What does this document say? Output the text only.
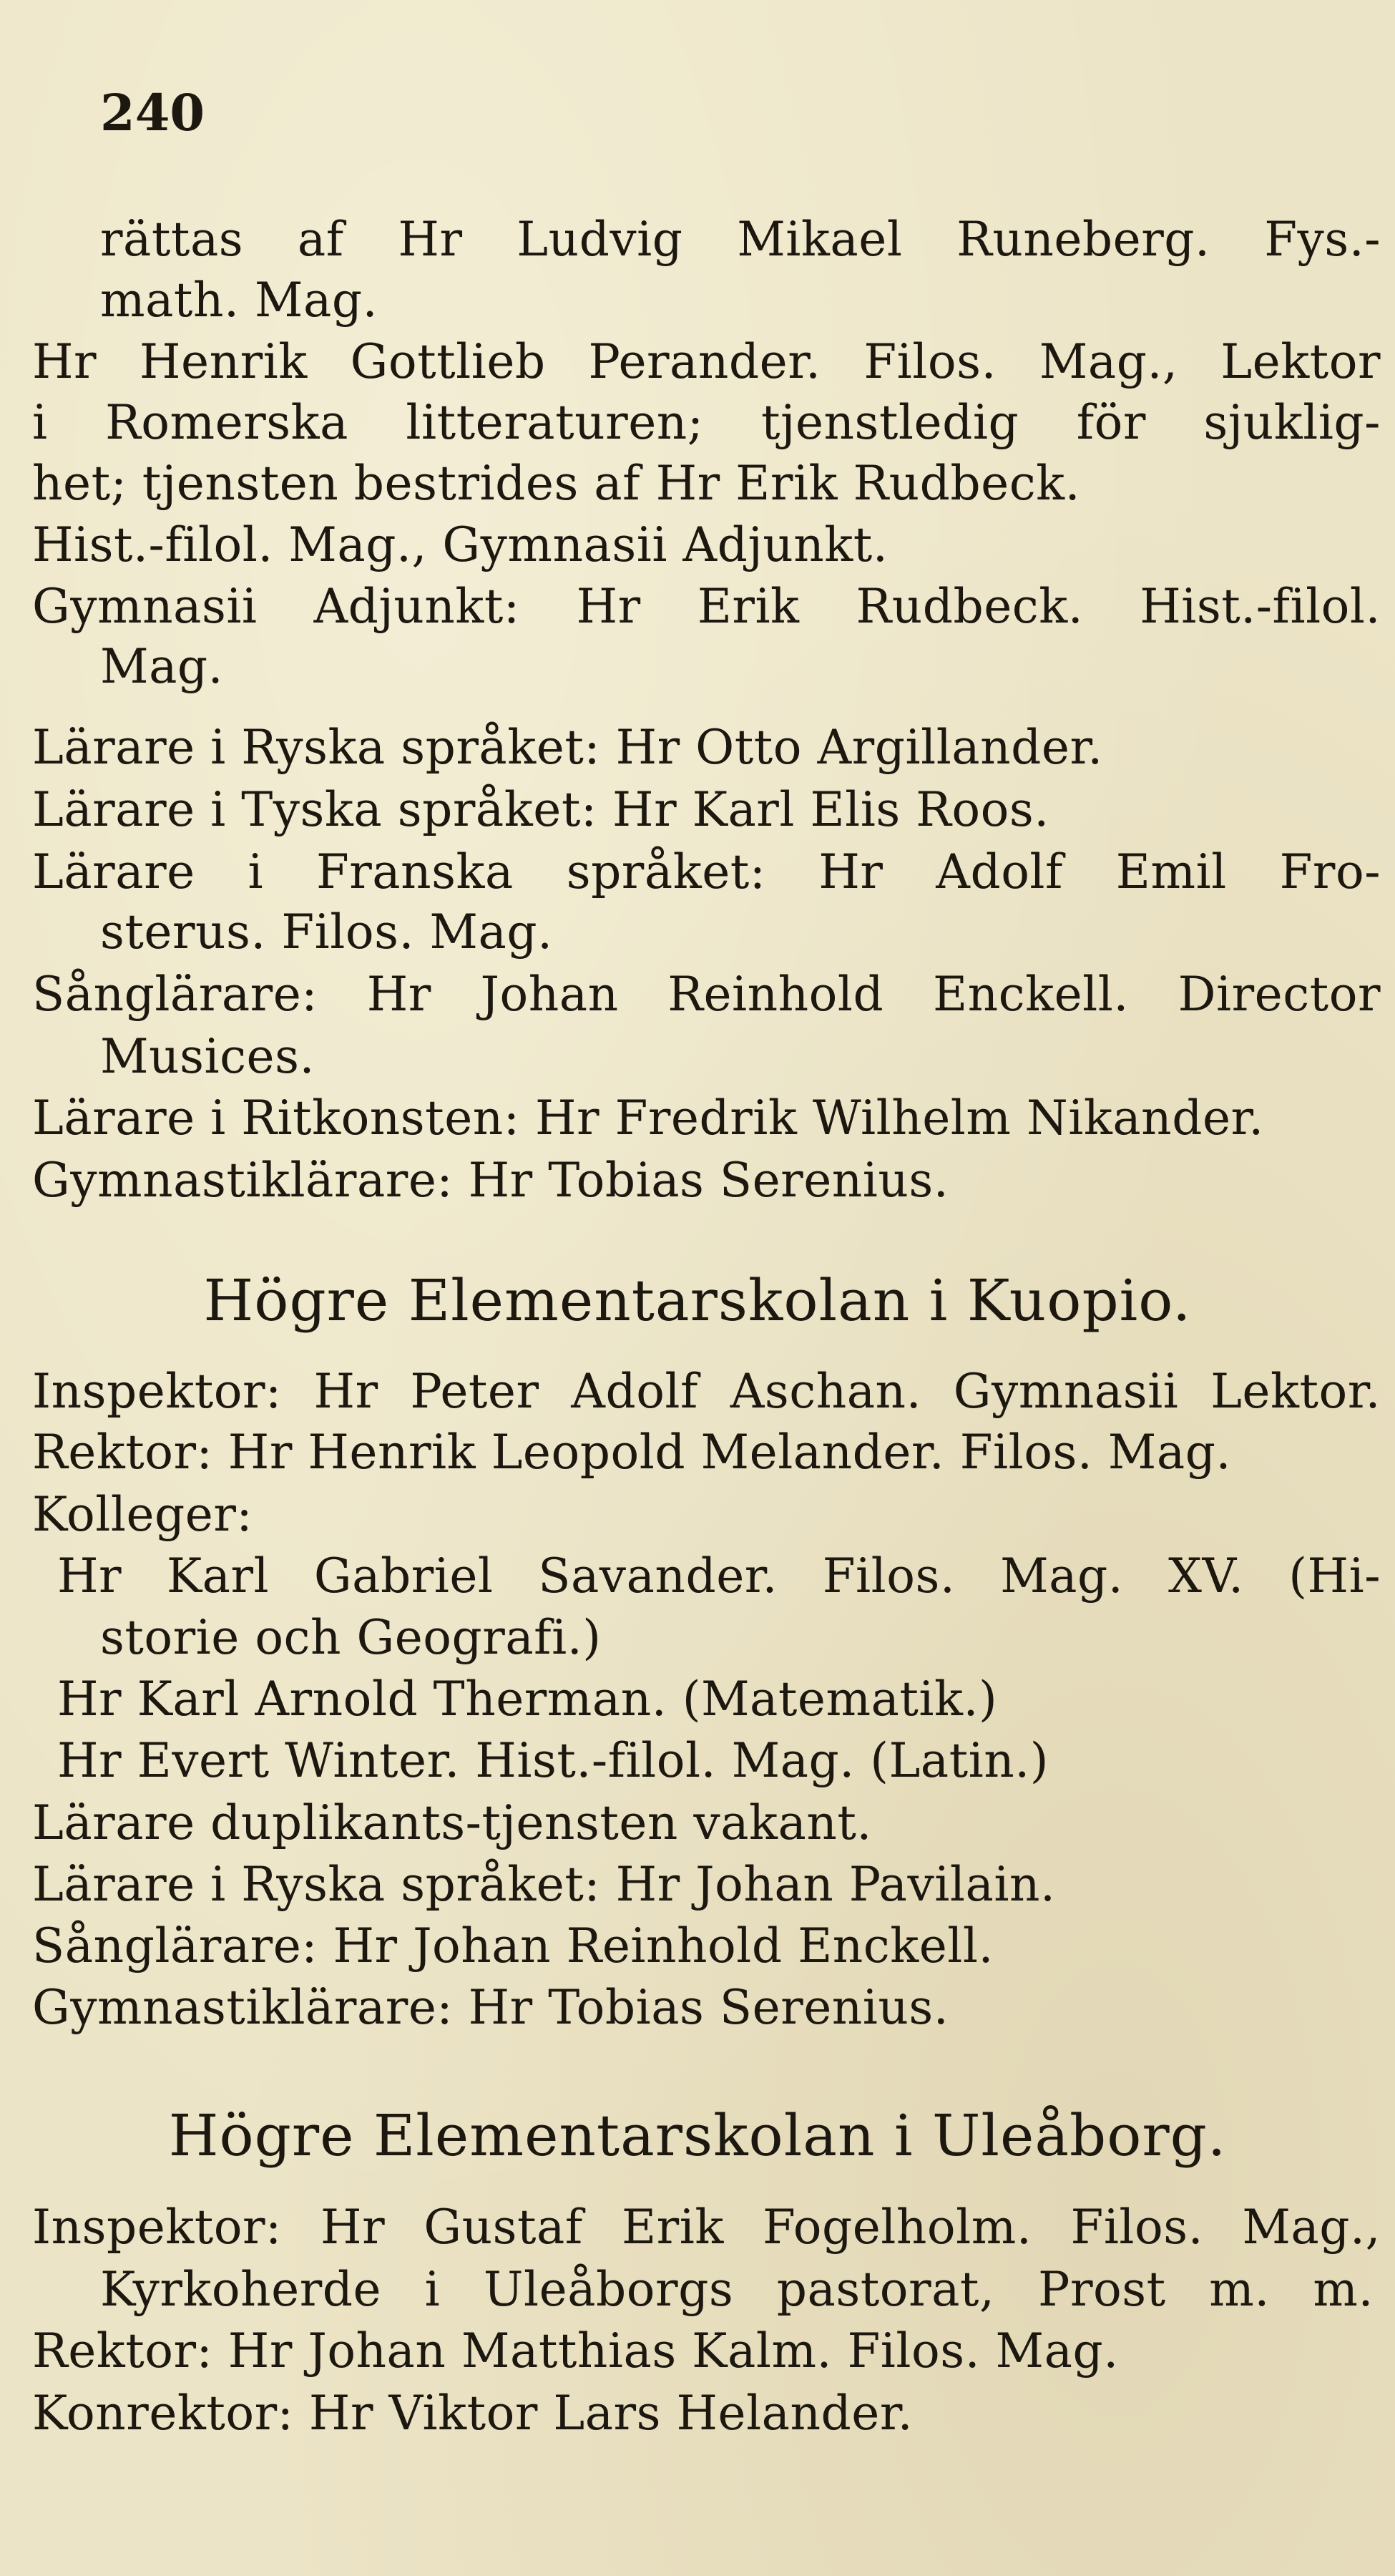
240
rättas af Hr Ludvig Mikael Runeberg. Fys.-
math. Mag.
Hr Henrik Gottlieb Perander. Filos. Mag., Lektor
i Romerska litteraturen; tjenstledig för sjuklig-
het; tjensten bestrides af Hr Erik Rudbeck.
Hist.-filol. Mag., Gymnasii Adjunkt.
Gymnasii Adjunkt: Hr Erik Rudbeck. Hist.-filol.
Mag.
Lärare i Ryska språket: Hr Otto Argillander.
Lärare i Tyska språket: Hr Karl Elis Roos.
Lärare i Franska språket: Hr Adolf Emil Fro-
sterus. Filos. Mag.
Sånglärare: Hr Johan Reinhold Enckell. Director
Musices.
Lärare i Ritkonsten: Hr Fredrik Wilhelm Nikander.
Gymnastiklärare: Hr Tobias Serenius.
Högre Elementarskolan i Kuopio.
Inspektor: Hr Peter Adolf Aschan. Gymnasii Lektor.
Rektor: Hr Henrik Leopold Melander. Filos. Mag.
Kolleger:
Hr Karl Gabriel Savander. Filos. Mag. XV. (Hi-
storie och Geografi.)
Hr Karl Arnold Therman. (Matematik.)
Hr Evert Winter. Hist.-filol. Mag. (Latin.)
Lärare duplikants-tjensten vakant.
Lärare i Ryska språket: Hr Johan Pavilain.
Sånglärare: Hr Johan Reinhold Enckell.
Gymnastiklärare: Hr Tobias Serenius.
Högre Elementarskolan i Uleåborg.
Inspektor: Hr Gustaf Erik Fogelholm. Filos. Mag.,
Kyrkoherde i Uleåborgs pastorat, Prost m. m.
Rektor: Hr Johan Matthias Kalm. Filos. Mag.
Konrektor: Hr Viktor Lars Helander.
